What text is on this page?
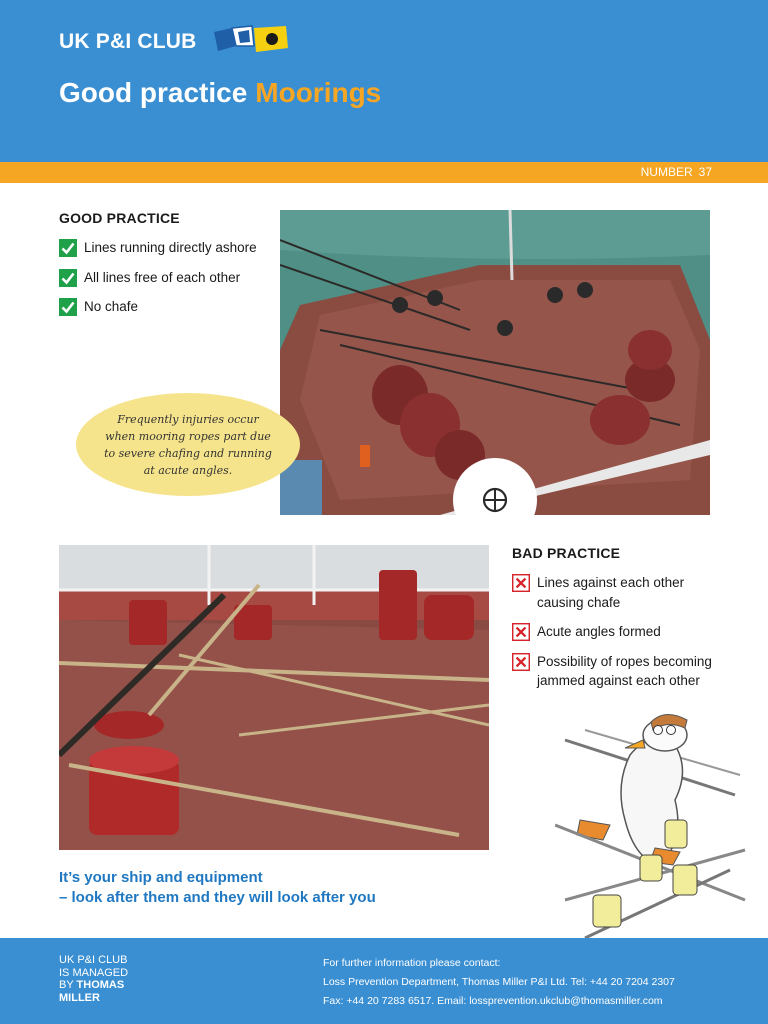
UK P&I CLUB
Good practice Moorings
NUMBER 37
GOOD PRACTICE
Lines running directly ashore
All lines free of each other
No chafe

Frequently injuries occur when mooring ropes part due to severe chafing and running at acute angles.

BAD PRACTICE
Lines against each other causing chafe
Acute angles formed
Possibility of ropes becoming jammed against each other
It’s your ship and equipment
– look after them and they will look after you
UK P&I CLUB
IS MANAGED
BY THOMAS
MILLER
For further information please contact:
Loss Prevention Department, Thomas Miller P&I Ltd. Tel: +44 20 7204 2307
Fax: +44 20 7283 6517. Email: lossprevention.ukclub@thomasmiller.com
